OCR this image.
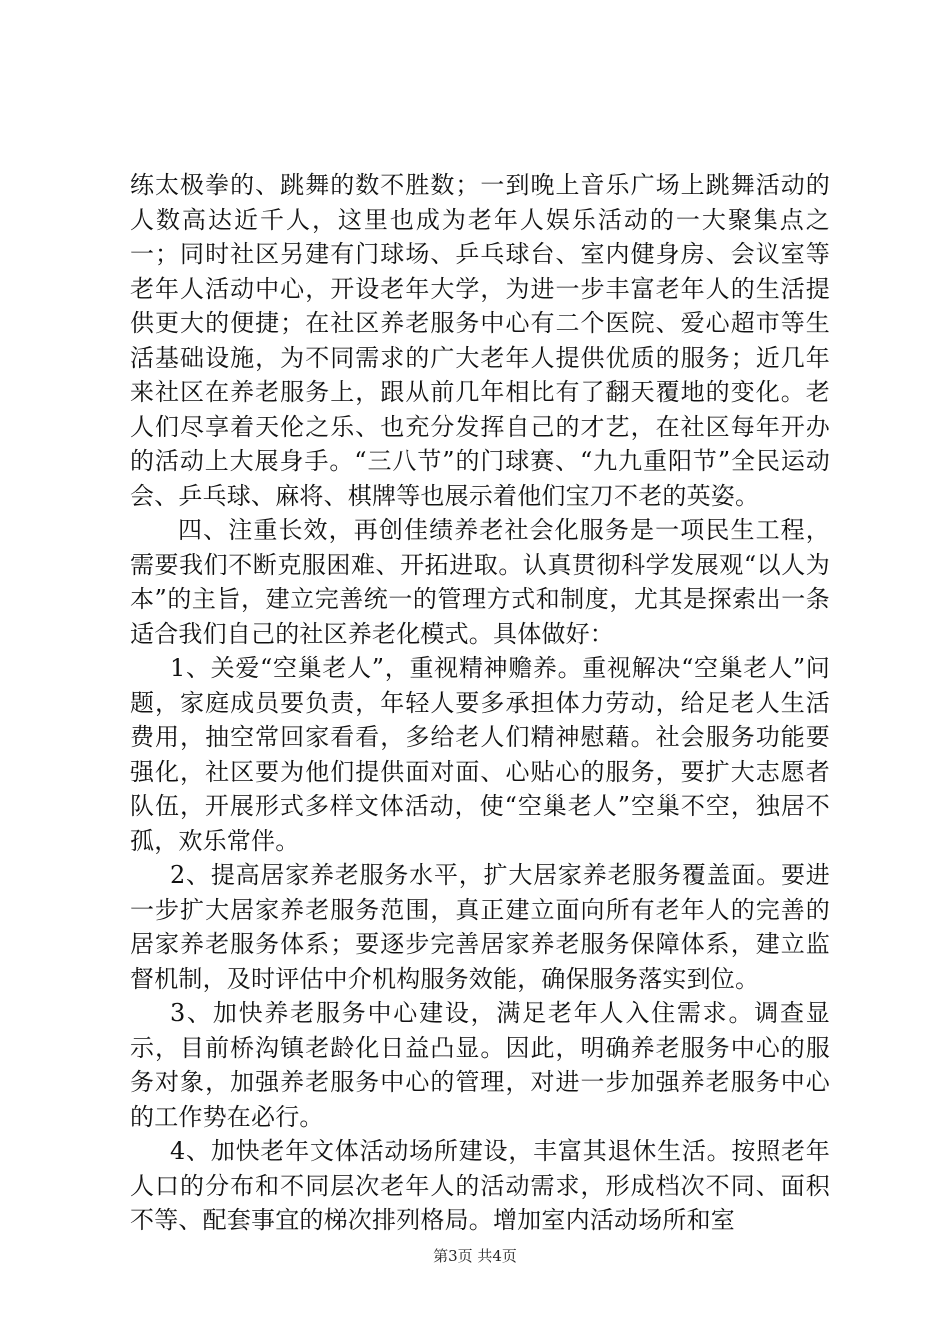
练太极拳的、跳舞的数不胜数；一到晚上音乐广场上跳舞活动的人数高达近千人，这里也成为老年人娱乐活动的一大聚集点之一；同时社区另建有门球场、乒乓球台、室内健身房、会议室等老年人活动中心，开设老年大学，为进一步丰富老年人的生活提供更大的便捷；在社区养老服务中心有二个医院、爱心超市等生活基础设施，为不同需求的广大老年人提供优质的服务；近几年来社区在养老服务上，跟从前几年相比有了翻天覆地的变化。老人们尽享着天伦之乐、也充分发挥自己的才艺，在社区每年开办的活动上大展身手。“三八节”的门球赛、“九九重阳节”全民运动会、乒乓球、麻将、棋牌等也展示着他们宝刀不老的英姿。

四、注重长效，再创佳绩养老社会化服务是一项民生工程，需要我们不断克服困难、开拓进取。认真贯彻科学发展观“以人为本”的主旨，建立完善统一的管理方式和制度，尤其是探索出一条适合我们自己的社区养老化模式。具体做好：

1、关爱“空巢老人”，重视精神赡养。重视解决“空巢老人”问题，家庭成员要负责，年轻人要多承担体力劳动，给足老人生活费用，抽空常回家看看，多给老人们精神慰藉。社会服务功能要强化，社区要为他们提供面对面、心贴心的服务，要扩大志愿者队伍，开展形式多样文体活动，使“空巢老人”空巢不空，独居不孤，欢乐常伴。

2、提高居家养老服务水平，扩大居家养老服务覆盖面。要进一步扩大居家养老服务范围，真正建立面向所有老年人的完善的居家养老服务体系；要逐步完善居家养老服务保障体系，建立监督机制，及时评估中介机构服务效能，确保服务落实到位。

3、加快养老服务中心建设，满足老年人入住需求。调查显示，目前桥沟镇老龄化日益凸显。因此，明确养老服务中心的服务对象，加强养老服务中心的管理，对进一步加强养老服务中心的工作势在必行。

4、加快老年文体活动场所建设，丰富其退休生活。按照老年人口的分布和不同层次老年人的活动需求，形成档次不同、面积不等、配套事宜的梯次排列格局。增加室内活动场所和室

第3页 共4页
